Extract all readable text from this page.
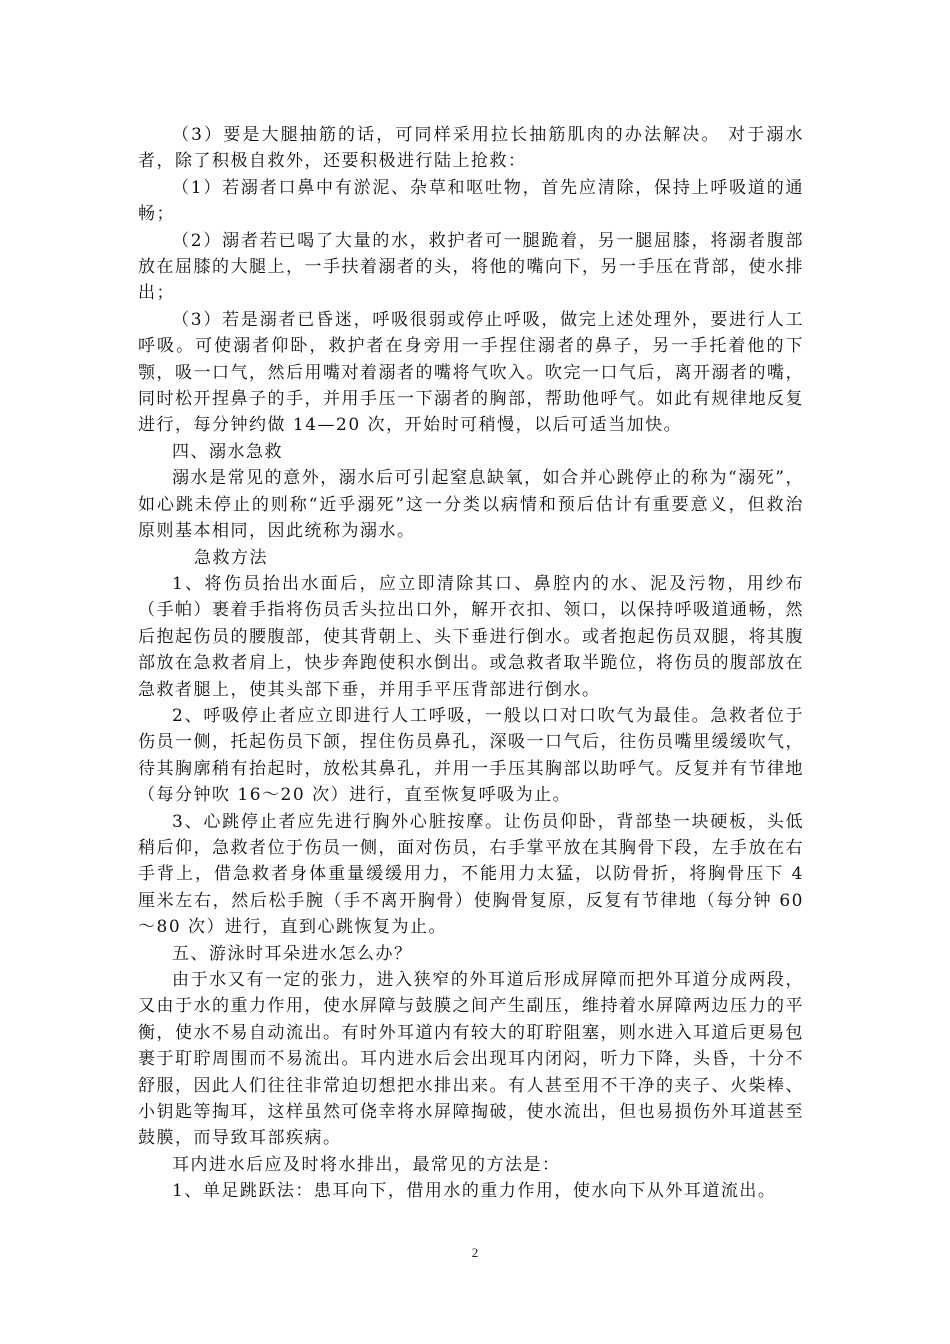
（3）要是大腿抽筋的话，可同样采用拉长抽筋肌肉的办法解决。 对于溺水者，除了积极自救外，还要积极进行陆上抢救：

（1）若溺者口鼻中有淤泥、杂草和呕吐物，首先应清除，保持上呼吸道的通畅；

（2）溺者若已喝了大量的水，救护者可一腿跪着，另一腿屈膝，将溺者腹部放在屈膝的大腿上，一手扶着溺者的头，将他的嘴向下，另一手压在背部，使水排出；

（3）若是溺者已昏迷，呼吸很弱或停止呼吸，做完上述处理外，要进行人工呼吸。可使溺者仰卧，救护者在身旁用一手捏住溺者的鼻子，另一手托着他的下颚，吸一口气，然后用嘴对着溺者的嘴将气吹入。吹完一口气后，离开溺者的嘴，同时松开捏鼻子的手，并用手压一下溺者的胸部，帮助他呼气。如此有规律地反复进行，每分钟约做 14—20 次，开始时可稍慢，以后可适当加快。

四、溺水急救

溺水是常见的意外，溺水后可引起窒息缺氧，如合并心跳停止的称为“溺死”，如心跳未停止的则称“近乎溺死”这一分类以病情和预后估计有重要意义，但救治原则基本相同，因此统称为溺水。

急救方法

1、将伤员抬出水面后，应立即清除其口、鼻腔内的水、泥及污物，用纱布（手帕）裹着手指将伤员舌头拉出口外，解开衣扣、领口，以保持呼吸道通畅，然后抱起伤员的腰腹部，使其背朝上、头下垂进行倒水。或者抱起伤员双腿，将其腹部放在急救者肩上，快步奔跑使积水倒出。或急救者取半跪位，将伤员的腹部放在急救者腿上，使其头部下垂，并用手平压背部进行倒水。

2、呼吸停止者应立即进行人工呼吸，一般以口对口吹气为最佳。急救者位于伤员一侧，托起伤员下颌，捏住伤员鼻孔，深吸一口气后，往伤员嘴里缓缓吹气，待其胸廓稍有抬起时，放松其鼻孔，并用一手压其胸部以助呼气。反复并有节律地（每分钟吹 16～20 次）进行，直至恢复呼吸为止。

3、心跳停止者应先进行胸外心脏按摩。让伤员仰卧，背部垫一块硬板，头低稍后仰，急救者位于伤员一侧，面对伤员，右手掌平放在其胸骨下段，左手放在右手背上，借急救者身体重量缓缓用力，不能用力太猛，以防骨折，将胸骨压下 4 厘米左右，然后松手腕（手不离开胸骨）使胸骨复原，反复有节律地（每分钟 60～80 次）进行，直到心跳恢复为止。

五、游泳时耳朵进水怎么办？

由于水又有一定的张力，进入狭窄的外耳道后形成屏障而把外耳道分成两段，又由于水的重力作用，使水屏障与鼓膜之间产生副压，维持着水屏障两边压力的平衡，使水不易自动流出。有时外耳道内有较大的耵聍阻塞，则水进入耳道后更易包裹于耵聍周围而不易流出。耳内进水后会出现耳内闭闷，听力下降，头昏，十分不舒服，因此人们往往非常迫切想把水排出来。有人甚至用不干净的夹子、火柴棒、小钥匙等掏耳，这样虽然可侥幸将水屏障掏破，使水流出，但也易损伤外耳道甚至鼓膜，而导致耳部疾病。

耳内进水后应及时将水排出，最常见的方法是：

1、单足跳跃法：患耳向下，借用水的重力作用，使水向下从外耳道流出。

2
